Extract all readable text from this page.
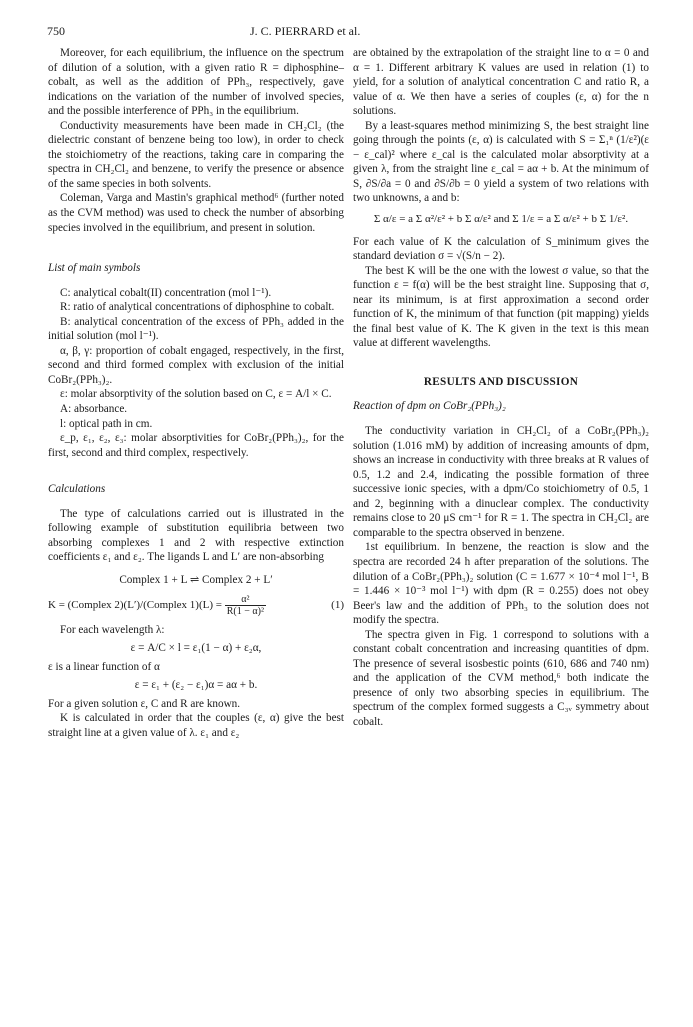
750	J. C. PIERRARD et al.

Moreover, for each equilibrium, the influence on the spectrum of dilution of a solution, with a given ratio R = diphosphine–cobalt, as well as the addition of PPh₃, respectively, gave indications on the variation of the number of involved species, and the possible interference of PPh₃ in the equilibrium.

Conductivity measurements have been made in CH₂Cl₂ (the dielectric constant of benzene being too low), in order to check the stoichiometry of the reactions, taking care in comparing the spectra in CH₂Cl₂ and benzene, to verify the presence or absence of the same species in both solvents.

Coleman, Varga and Mastin's graphical method⁶ (further noted as the CVM method) was used to check the number of absorbing species involved in the equilibrium, and present in solution.

List of main symbols

C: analytical cobalt(II) concentration (mol l⁻¹).

R: ratio of analytical concentrations of diphosphine to cobalt.

B: analytical concentration of the excess of PPh₃ added in the initial solution (mol l⁻¹).

α, β, γ: proportion of cobalt engaged, respectively, in the first, second and third formed complex with exclusion of the initial CoBr₂(PPh₃)₂.

ε: molar absorptivity of the solution based on C, ε = A/l × C.

A: absorbance.

l: optical path in cm.

ε_p, ε₁, ε₂, ε₃: molar absorptivities for CoBr₂(PPh₃)₂, for the first, second and third complex, respectively.

Calculations

The type of calculations carried out is illustrated in the following example of substitution equilibria between two absorbing complexes 1 and 2 with respective extinction coefficients ε₁ and ε₂. The ligands L and L′ are non-absorbing

Complex 1 + L ⇌ Complex 2 + L′

K = (Complex 2)(L′)/(Complex $1)(L) = \frac{\text{α²}}{\text{R(1 − α)²}}$	(1)

For each wavelength λ:

ε = A/C × l = ε₁(1 − α) + ε₂α,

ε is a linear function of α

ε = ε₁ + (ε₂ − ε₁)α = aα + b.

For a given solution ε, C and R are known.

K is calculated in order that the couples (ε, α) give the best straight line at a given value of λ. ε₁ and ε₂

are obtained by the extrapolation of the straight line to α = 0 and α = 1. Different arbitrary K values are used in relation (1) to yield, for a solution of analytical concentration C and ratio R, a value of α. We then have a series of couples (ε, α) for the n solutions.

By a least-squares method minimizing S, the best straight line going through the points (ε, α) is calculated with S = Σ₁ⁿ (1/ε²)(ε − ε_cal)² where ε_cal is the calculated molar absorptivity at a given λ, from the straight line ε_cal = aα + b. At the minimum of S, ∂S/∂a = 0 and ∂S/∂b = 0 yield a system of two relations with two unknowns, a and b:

Σ α/ε = a Σ α²/ε² + b Σ α/ε² and Σ 1/ε = a Σ α/ε² + b Σ 1/ε².

For each value of K the calculation of S_minimum gives the standard deviation σ = √(S/n − 2).

The best K will be the one with the lowest σ value, so that the function ε = f(α) will be the best straight line. Supposing that σ, near its minimum, is at first approximation a second order function of K, the minimum of that function (pit mapping) yields the final best value of K. The K given in the text is this mean value at different wavelengths.

RESULTS AND DISCUSSION

Reaction of dpm on CoBr₂(PPh₃)₂

The conductivity variation in CH₂Cl₂ of a CoBr₂(PPh₃)₂ solution (1.016 mM) by addition of increasing amounts of dpm, shows an increase in conductivity with three breaks at R values of 0.5, 1.2 and 2.4, indicating the possible formation of three successive ionic species, with a dpm/Co stoichiometry of 0.5, 1 and 2, beginning with a dinuclear complex. The conductivity remains close to 20 μS cm⁻¹ for R = 1. The spectra in CH₂Cl₂ are comparable to the spectra observed in benzene.

1st equilibrium. In benzene, the reaction is slow and the spectra are recorded 24 h after preparation of the solutions. The dilution of a CoBr₂(PPh₃)₂ solution (C = 1.677 × 10⁻⁴ mol l⁻¹, B = 1.446 × 10⁻³ mol l⁻¹) with dpm (R = 0.255) does not obey Beer's law and the addition of PPh₃ to the solution does not modify the spectra.

The spectra given in Fig. 1 correspond to solutions with a constant cobalt concentration and increasing quantities of dpm. The presence of several isosbestic points (610, 686 and 740 nm) and the application of the CVM method,⁶ both indicate the presence of only two absorbing species in equilibrium. The spectrum of the complex formed suggests a C₃ᵥ symmetry about cobalt.
